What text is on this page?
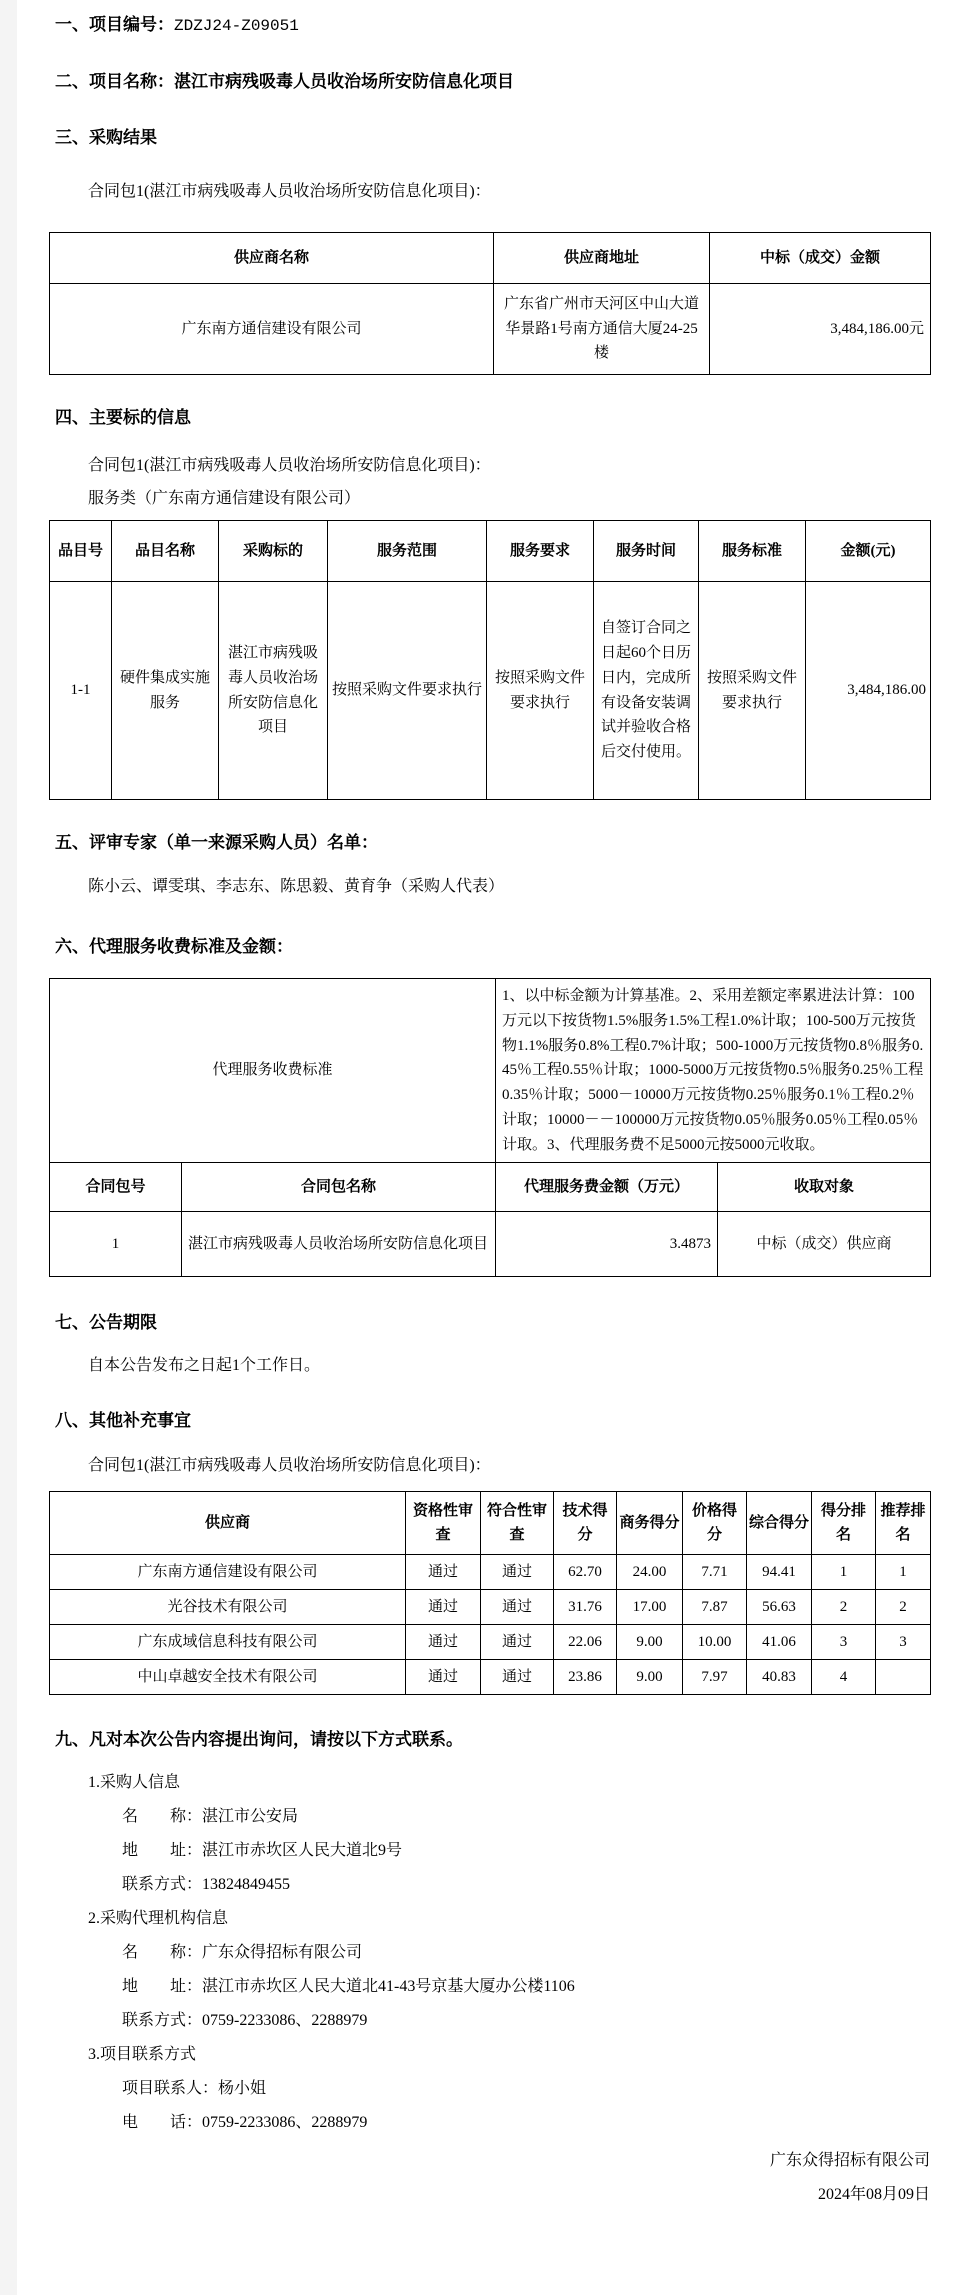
一、项目编号：ZDZJ24-Z09051
二、项目名称：湛江市病残吸毒人员收治场所安防信息化项目
三、采购结果
合同包1(湛江市病残吸毒人员收治场所安防信息化项目)：
供应商名称	供应商地址	中标（成交）金额
广东南方通信建设有限公司	广东省广州市天河区中山大道华景路1号南方通信大厦24-25楼	3,484,186.00元
四、主要标的信息
合同包1(湛江市病残吸毒人员收治场所安防信息化项目)：
服务类（广东南方通信建设有限公司）
品目号	品目名称	采购标的	服务范围	服务要求	服务时间	服务标准	金额(元)
1-1	硬件集成实施服务	湛江市病残吸毒人员收治场所安防信息化项目	按照采购文件要求执行	按照采购文件要求执行	自签订合同之日起60个日历日内，完成所有设备安装调试并验收合格后交付使用。	按照采购文件要求执行	3,484,186.00
五、评审专家（单一来源采购人员）名单：
陈小云、谭雯琪、李志东、陈思毅、黄育争（采购人代表）
六、代理服务收费标准及金额：
代理服务收费标准		1、以中标金额为计算基准。2、采用差额定率累进法计算：100万元以下按货物1.5%服务1.5%工程1.0%计取；100-500万元按货物1.1%服务0.8%工程0.7%计取；500-1000万元按货物0.8％服务0.45％工程0.55％计取；1000-5000万元按货物0.5％服务0.25％工程0.35％计取；5000－10000万元按货物0.25％服务0.1％工程0.2％计取；10000－－100000万元按货物0.05％服务0.05％工程0.05％计取。3、代理服务费不足5000元按5000元收取。	
合同包号	合同包名称	代理服务费金额（万元）	收取对象
1	湛江市病残吸毒人员收治场所安防信息化项目	3.4873	中标（成交）供应商
七、公告期限
自本公告发布之日起1个工作日。
八、其他补充事宜
合同包1(湛江市病残吸毒人员收治场所安防信息化项目)：
供应商	资格性审查	符合性审查	技术得分	商务得分	价格得分	综合得分	得分排名	推荐排名
广东南方通信建设有限公司	通过	通过	62.70	24.00	7.71	94.41	1	1
光谷技术有限公司	通过	通过	31.76	17.00	7.87	56.63	2	2
广东成域信息科技有限公司	通过	通过	22.06	9.00	10.00	41.06	3	3
中山卓越安全技术有限公司	通过	通过	23.86	9.00	7.97	40.83	4	
九、凡对本次公告内容提出询问，请按以下方式联系。
1.采购人信息
名　　称：湛江市公安局
地　　址：湛江市赤坎区人民大道北9号
联系方式：13824849455
2.采购代理机构信息
名　　称：广东众得招标有限公司
地　　址：湛江市赤坎区人民大道北41-43号京基大厦办公楼1106
联系方式：0759-2233086、2288979
3.项目联系方式
项目联系人：杨小姐
电　　话：0759-2233086、2288979
广东众得招标有限公司
2024年08月09日
